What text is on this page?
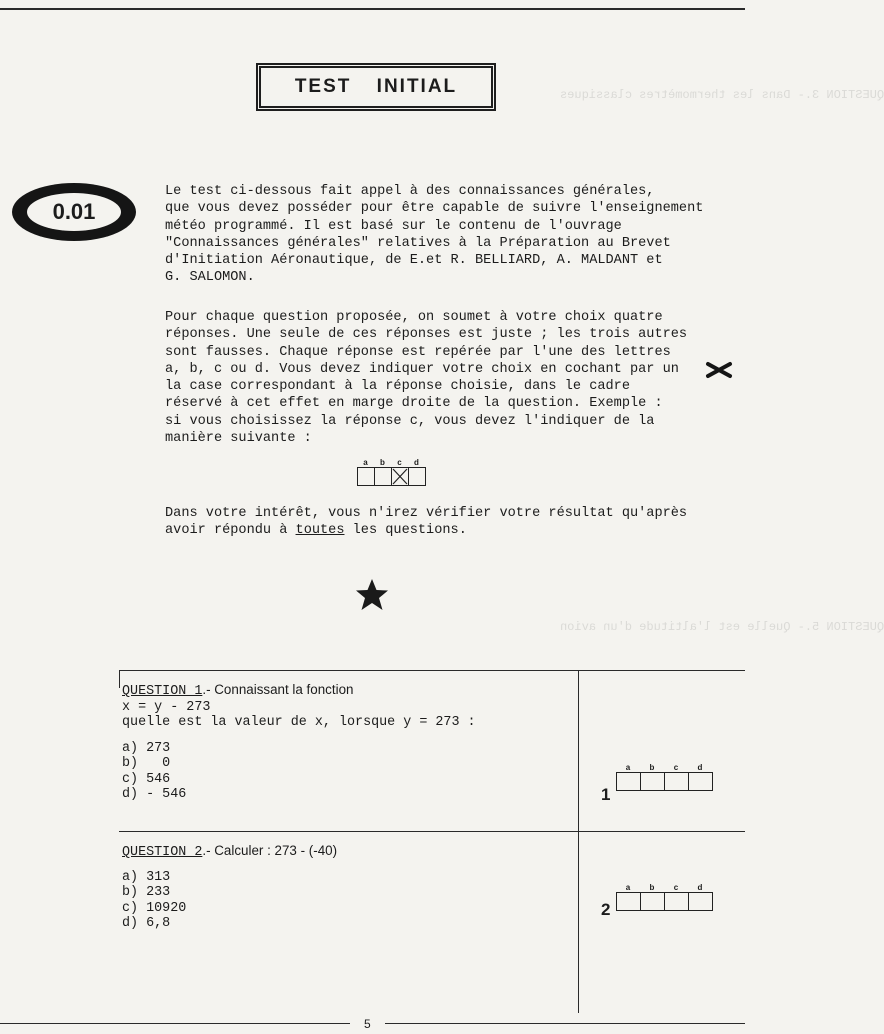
QUESTION 3.- Dans les thermomètres classiques
QUESTION 5.- Quelle est l'altitude d'un avion
TEST INITIAL
0.01
Le test ci-dessous fait appel à des connaissances générales,
que vous devez posséder pour être capable de suivre l'enseignement
météo programmé. Il est basé sur le contenu de l'ouvrage
"Connaissances générales" relatives à la Préparation au Brevet
d'Initiation Aéronautique, de E.et R. BELLIARD, A. MALDANT et
G. SALOMON.
Pour chaque question proposée, on soumet à votre choix quatre
réponses. Une seule de ces réponses est juste ; les trois autres
sont fausses. Chaque réponse est repérée par l'une des lettres
a, b, c ou d. Vous devez indiquer votre choix en cochant par un
la case correspondant à la réponse choisie, dans le cadre
réservé à cet effet en marge droite de la question. Exemple :
si vous choisissez la réponse c, vous devez l'indiquer de la
manière suivante :
a	b	c	d
Dans votre intérêt, vous n'irez vérifier votre résultat qu'après
avoir répondu à toutes les questions.
QUESTION 1.- Connaissant la fonction
x = y - 273
quelle est la valeur de x, lorsque y = 273 :
a) 273
b)   0
c) 546
d) - 546
a	b	c	d
1
QUESTION 2.- Calculer : 273 - (-40)
a) 313
b) 233
c) 10920
d) 6,8
a	b	c	d
2
5
